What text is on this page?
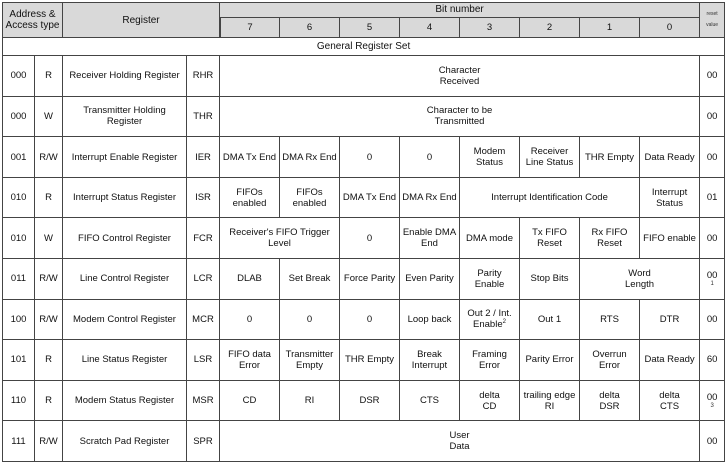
Address & Access type		Register		Bit number								reset value
				7	6	5	4	3	2	1	0	
General Register Set												
000	R	Receiver Holding Register	RHR	Character Received								00
000	W	Transmitter Holding Register	THR	Character to be Transmitted								00
001	R/W	Interrupt Enable Register	IER	DMA Tx End	DMA Rx End	0	0	Modem Status	Receiver Line Status	THR Empty	Data Ready	00
010	R	Interrupt Status Register	ISR	FIFOs enabled	FIFOs enabled	DMA Tx End	DMA Rx End	Interrupt Identification Code			Interrupt Status	01
010	W	FIFO Control Register	FCR	Receiver's FIFO Trigger Level		0	Enable DMA End	DMA mode	Tx FIFO Reset	Rx FIFO Reset	FIFO enable	00
011	R/W	Line Control Register	LCR	DLAB	Set Break	Force Parity	Even Parity	Parity Enable	Stop Bits	Word Length		00
1

100	R/W	Modem Control Register	MCR	0	0	0	Loop back	Out 2 / Int. Enable$^2$	Out 1	RTS	DTR	00
101	R	Line Status Register	LSR	FIFO data Error	Transmitter Empty	THR Empty	Break Interrupt	Framing Error	Parity Error	Overrun Error	Data Ready	60
110	R	Modem Status Register	MSR	CD	RI	DSR	CTS	delta CD	trailing edge RI	delta DSR	delta CTS	00
3

111	R/W	Scratch Pad Register	SPR	User Data								00
